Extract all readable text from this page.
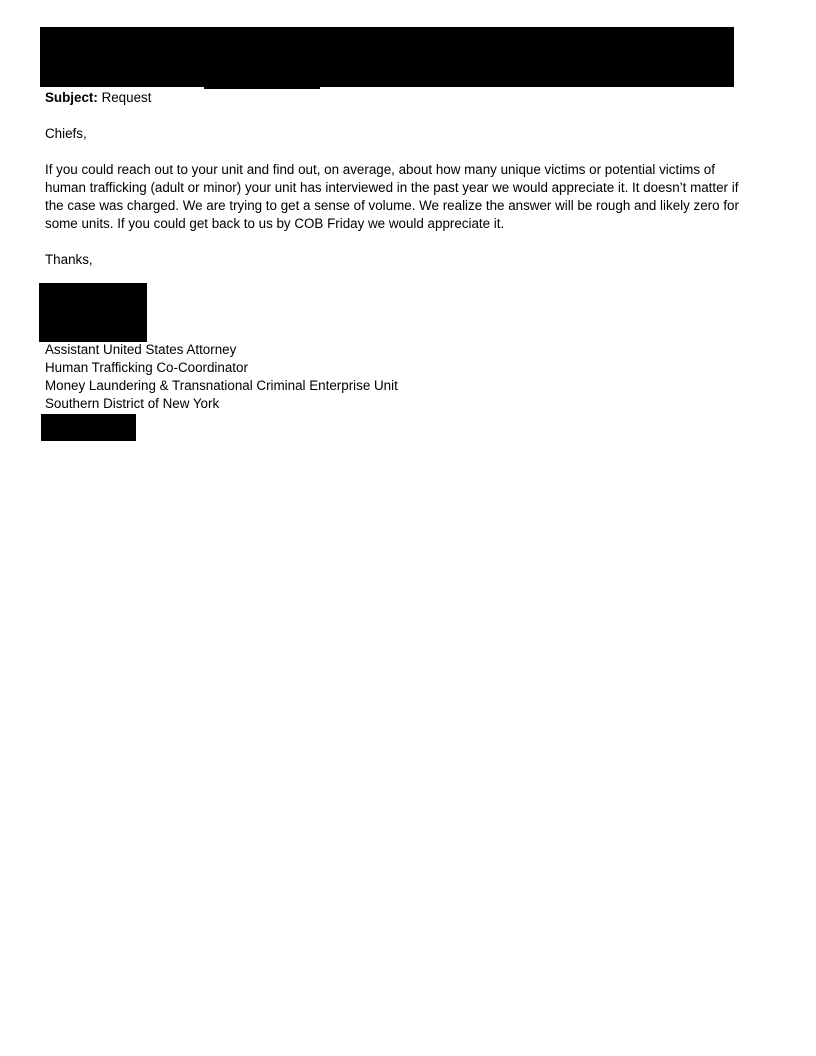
Subject: Request
Chiefs,
If you could reach out to your unit and find out, on average, about how many unique victims or potential victims of
human trafficking (adult or minor) your unit has interviewed in the past year we would appreciate it. It doesn’t matter if
the case was charged. We are trying to get a sense of volume. We realize the answer will be rough and likely zero for
some units. If you could get back to us by COB Friday we would appreciate it.
Thanks,
Assistant United States Attorney
Human Trafficking Co-Coordinator
Money Laundering & Transnational Criminal Enterprise Unit
Southern District of New York
